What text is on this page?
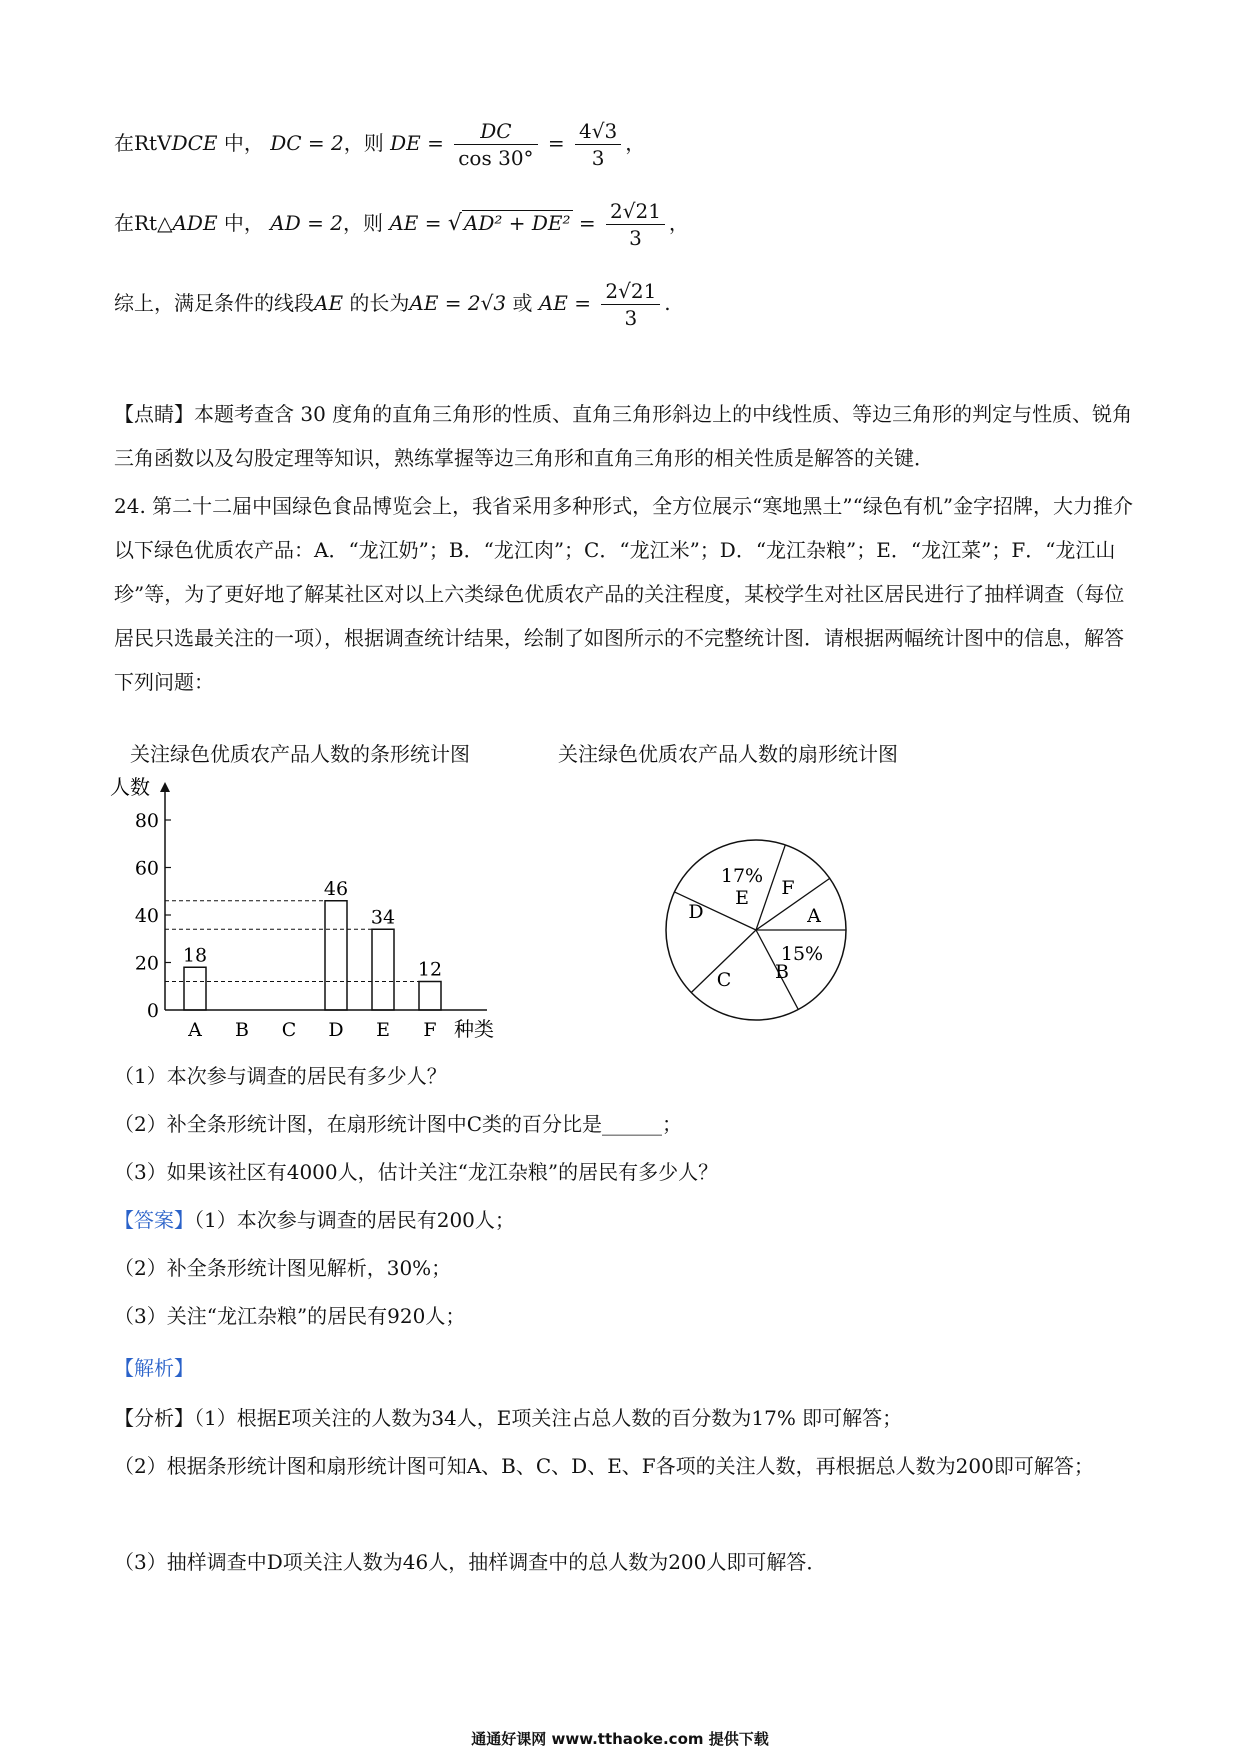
在RtVDCE 中， DC = 2，则 DE = $\frac{DC}{\cos 30^\circ} = \frac{4√3}{3}$ ，
在Rt△ADE 中， AD = 2，则 AE = √ $AD^2 + DE^2 = \frac{2√21}{3}$ ，
综上，满足条件的线段AE 的长为AE = 2√3 或 AE = $\frac{2√21}{3}$ .
【点睛】本题考查含 30 度角的直角三角形的性质、直角三角形斜边上的中线性质、等边三角形的判定与性质、锐角三角函数以及勾股定理等知识，熟练掌握等边三角形和直角三角形的相关性质是解答的关键．
24. 第二十二届中国绿色食品博览会上，我省采用多种形式，全方位展示“寒地黑土”“绿色有机”金字招牌，大力推介以下绿色优质农产品：A．“龙江奶”；B．“龙江肉”；C．“龙江米”；D．“龙江杂粮”；E．“龙江菜”；F．“龙江山珍”等，为了更好地了解某社区对以上六类绿色优质农产品的关注程度，某校学生对社区居民进行了抽样调查（每位居民只选最关注的一项），根据调查统计结果，绘制了如图所示的不完整统计图．请根据两幅统计图中的信息，解答下列问题：
关注绿色优质农产品人数的条形统计图	关注绿色优质农产品人数的扇形统计图
人数
种类
0
20
40
60
80
A
18
B C D
46
E
34
F
12
A
15%
B
C
D
17%
E F
（1）本次参与调查的居民有多少人？
（2）补全条形统计图，在扇形统计图中C类的百分比是______；
（3）如果该社区有4000人，估计关注“龙江杂粮”的居民有多少人？
【答案】（1）本次参与调查的居民有200人；
（2）补全条形统计图见解析，30%；
（3）关注“龙江杂粮”的居民有920人；
【解析】
【分析】（1）根据E项关注的人数为34人，E项关注占总人数的百分数为17% 即可解答；
（2）根据条形统计图和扇形统计图可知A、B、C、D、E、F各项的关注人数，再根据总人数为200即可解答；
（3）抽样调查中D项关注人数为46人，抽样调查中的总人数为200人即可解答．
通通好课网 www.tthaoke.com 提供下载
